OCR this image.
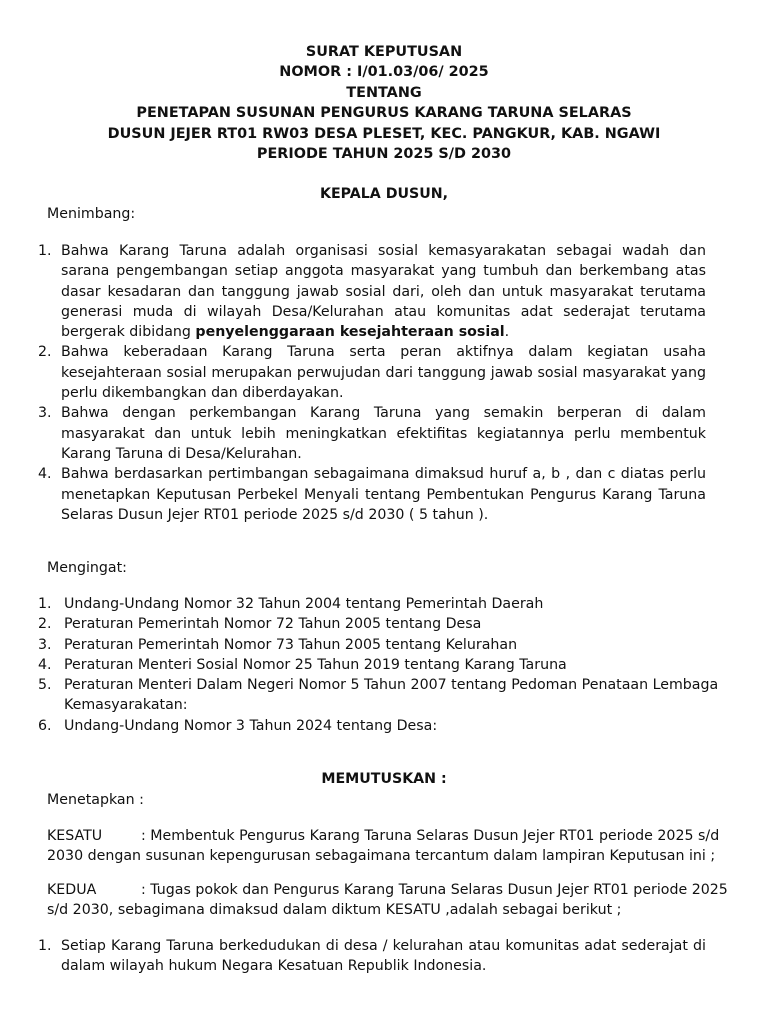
SURAT KEPUTUSAN
NOMOR : I/01.03/06/ 2025
TENTANG
PENETAPAN SUSUNAN PENGURUS KARANG TARUNA SELARAS
DUSUN JEJER RT01 RW03 DESA PLESET, KEC. PANGKUR, KAB. NGAWI
PERIODE TAHUN 2025 S/D 2030
KEPALA DUSUN,
Menimbang:
1. Bahwa Karang Taruna adalah organisasi sosial kemasyarakatan sebagai wadah dan sarana pengembangan setiap anggota masyarakat yang tumbuh dan berkembang atas dasar kesadaran dan tanggung jawab sosial dari, oleh dan untuk masyarakat terutama generasi muda di wilayah Desa/Kelurahan atau komunitas adat sederajat terutama bergerak dibidang penyelenggaraan kesejahteraan sosial.
2. Bahwa keberadaan Karang Taruna serta peran aktifnya dalam kegiatan usaha kesejahteraan sosial merupakan perwujudan dari tanggung jawab sosial masyarakat yang perlu dikembangkan dan diberdayakan.
3. Bahwa dengan perkembangan Karang Taruna yang semakin berperan di dalam masyarakat dan untuk lebih meningkatkan efektifitas kegiatannya perlu membentuk Karang Taruna di Desa/Kelurahan.
4. Bahwa berdasarkan pertimbangan sebagaimana dimaksud huruf a, b , dan c diatas perlu menetapkan Keputusan Perbekel Menyali tentang Pembentukan Pengurus Karang Taruna Selaras Dusun Jejer RT01 periode 2025 s/d 2030 ( 5 tahun ).
Mengingat:
1. Undang-Undang Nomor 32 Tahun 2004 tentang Pemerintah Daerah
2. Peraturan Pemerintah Nomor 72 Tahun 2005 tentang Desa
3. Peraturan Pemerintah Nomor 73 Tahun 2005 tentang Kelurahan
4. Peraturan Menteri Sosial Nomor 25 Tahun 2019 tentang Karang Taruna
5. Peraturan Menteri Dalam Negeri Nomor 5 Tahun 2007 tentang Pedoman Penataan Lembaga
Kemasyarakatan:
6. Undang-Undang Nomor 3 Tahun 2024 tentang Desa:
MEMUTUSKAN :
Menetapkan :
KESATU	: Membentuk Pengurus Karang Taruna Selaras Dusun Jejer RT01 periode 2025 s/d
2030 dengan susunan kepengurusan sebagaimana tercantum dalam lampiran Keputusan ini ;
KEDUA	: Tugas pokok dan Pengurus Karang Taruna Selaras Dusun Jejer RT01 periode 2025
s/d 2030, sebagimana dimaksud dalam diktum KESATU ,adalah sebagai berikut ;
1. Setiap Karang Taruna berkedudukan di desa / kelurahan atau komunitas adat sederajat di dalam wilayah hukum Negara Kesatuan Republik Indonesia.
